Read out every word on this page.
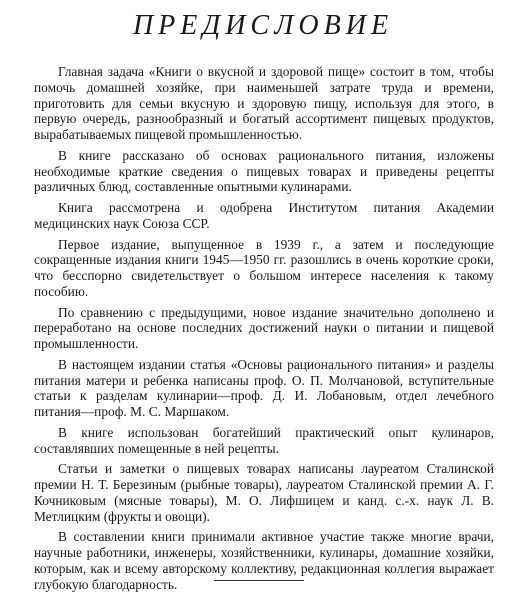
ПРЕДИСЛОВИЕ

Главная задача «Книги о вкусной и здоровой пище» состоит в том, чтобы помочь домашней хозяйке, при наименьшей затрате труда и времени, приготовить для семьи вкусную и здоровую пищу, используя для этого, в первую очередь, разнообразный и богатый ассортимент пищевых продуктов, вырабатываемых пищевой промышленностью.

В книге рассказано об основах рационального питания, изложены необходимые краткие сведения о пищевых товарах и приведены рецепты различных блюд, составленные опытными кулинарами.

Книга рассмотрена и одобрена Институтом питания Академии медицинских наук Союза ССР.

Первое издание, выпущенное в 1939 г., а затем и последующие сокращенные издания книги 1945—1950 гг. разошлись в очень короткие сроки, что бесспорно свидетельствует о большом интересе населения к такому пособию.

По сравнению с предыдущими, новое издание значительно дополнено и переработано на основе последних достижений науки о питании и пищевой промышленности.

В настоящем издании статья «Основы рационального питания» и разделы питания матери и ребенка написаны проф. О. П. Молчановой, вступительные статьи к разделам кулинарии—проф. Д. И. Лобановым, отдел лечебного питания—проф. М. С. Маршаком.

В книге использован богатейший практический опыт кулинаров, составлявших помещенные в ней рецепты.

Статьи и заметки о пищевых товарах написаны лауреатом Сталинской премии Н. Т. Березиным (рыбные товары), лауреатом Сталинской премии А. Г. Кочниковым (мясные товары), М. О. Лифшицем и канд. с.-х. наук Л. В. Метлицким (фрукты и овощи).

В составлении книги принимали активное участие также многие врачи, научные работники, инженеры, хозяйственники, кулинары, домашние хозяйки, которым, как и всему авторскому коллективу, редакционная коллегия выражает глубокую благодарность.
